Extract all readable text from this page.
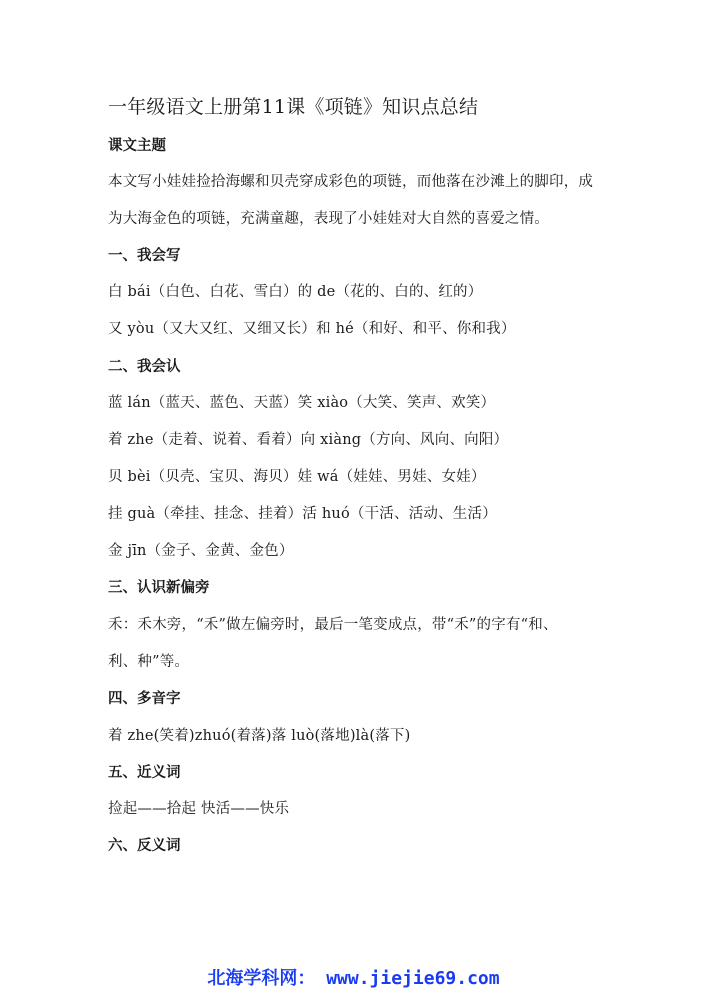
一年级语文上册第11课《项链》知识点总结
课文主题
本文写小娃娃捡拾海螺和贝壳穿成彩色的项链，而他落在沙滩上的脚印，成
为大海金色的项链，充满童趣，表现了小娃娃对大自然的喜爱之情。
一、我会写
白 bái（白色、白花、雪白）的 de（花的、白的、红的）
又 yòu（又大又红、又细又长）和 hé（和好、和平、你和我）
二、我会认
蓝 lán（蓝天、蓝色、天蓝）笑 xiào（大笑、笑声、欢笑）
着 zhe（走着、说着、看着）向 xiàng（方向、风向、向阳）
贝 bèi（贝壳、宝贝、海贝）娃 wá（娃娃、男娃、女娃）
挂 guà（牵挂、挂念、挂着）活 huó（干活、活动、生活）
金 jīn（金子、金黄、金色）
三、认识新偏旁
禾：禾木旁，“禾”做左偏旁时，最后一笔变成点，带“禾”的字有“和、
利、种”等。
四、多音字
着 zhe(笑着)zhuó(着落)落 luò(落地)là(落下)
五、近义词
捡起——拾起 快活——快乐
六、反义词
北海学科网： www.jiejie69.com
